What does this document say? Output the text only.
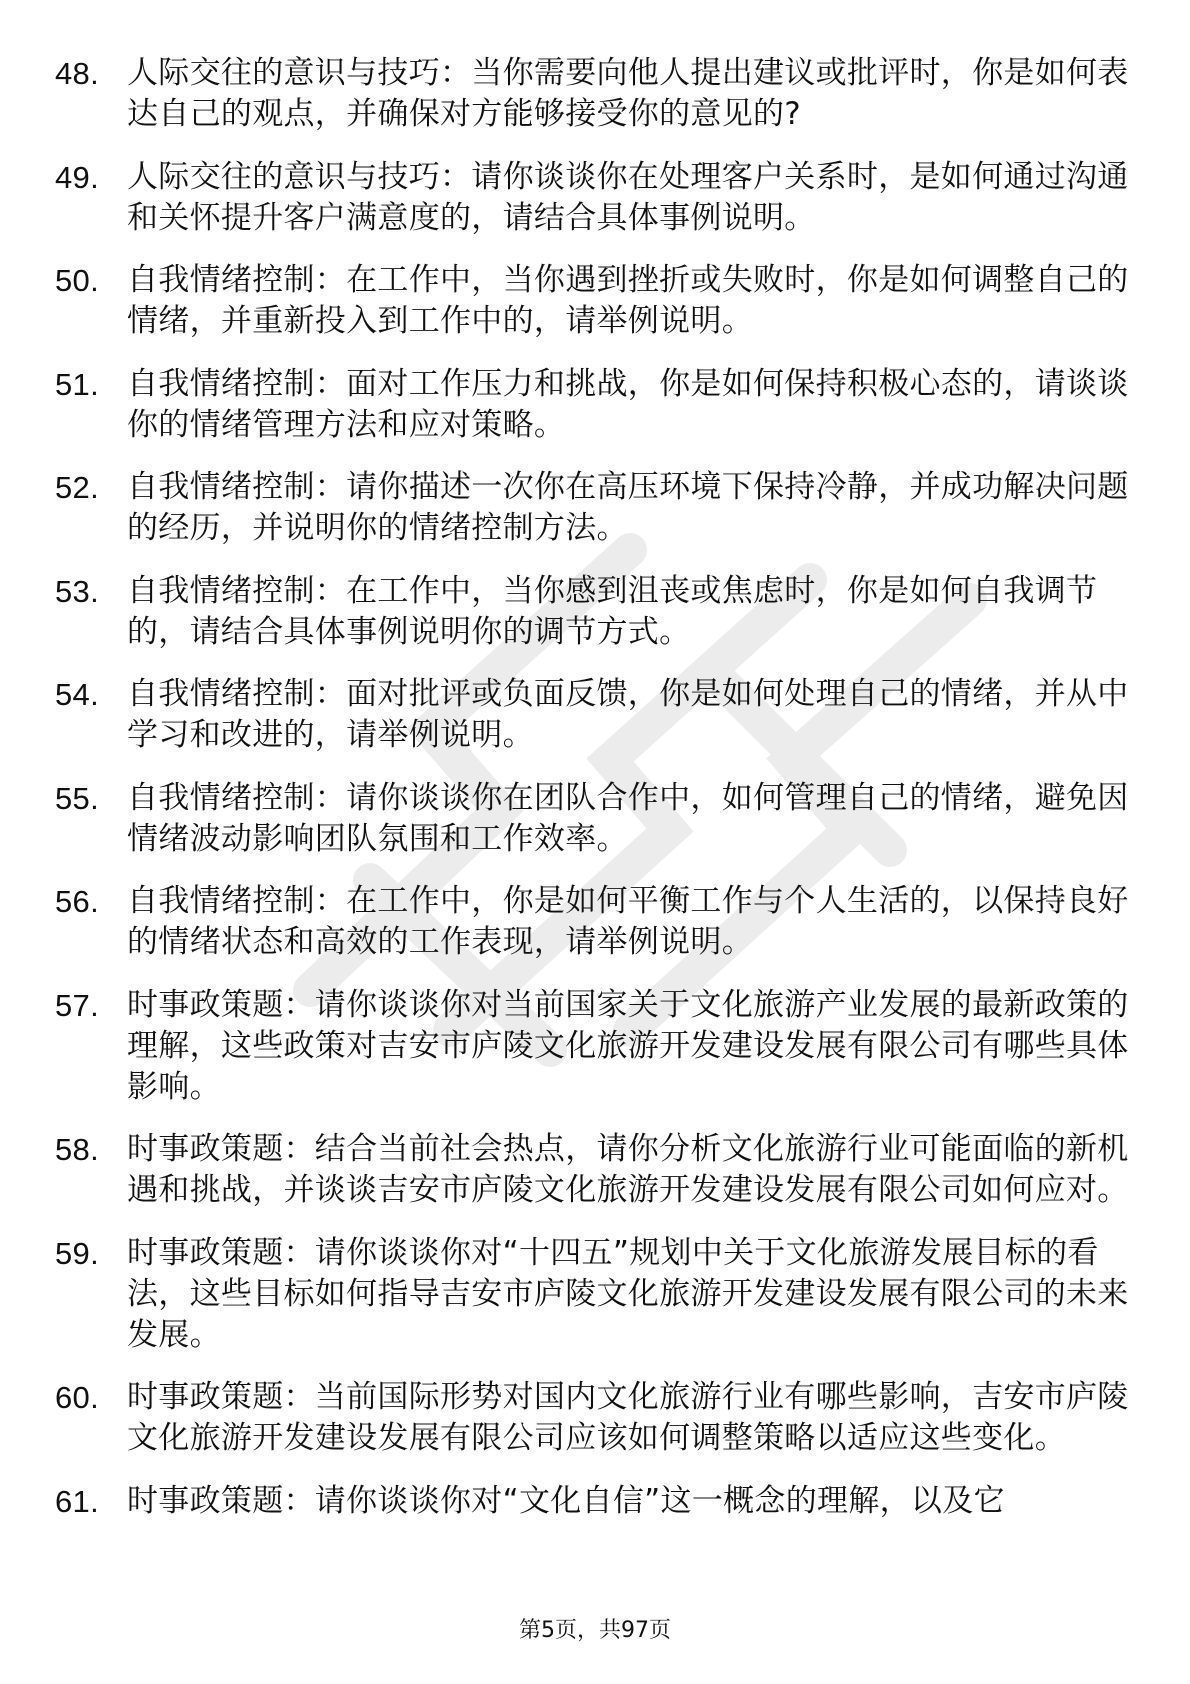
48. 人际交往的意识与技巧：当你需要向他人提出建议或批评时，你是如何表达自己的观点，并确保对方能够接受你的意见的?
49. 人际交往的意识与技巧：请你谈谈你在处理客户关系时，是如何通过沟通和关怀提升客户满意度的，请结合具体事例说明。
50. 自我情绪控制：在工作中，当你遇到挫折或失败时，你是如何调整自己的情绪，并重新投入到工作中的，请举例说明。
51. 自我情绪控制：面对工作压力和挑战，你是如何保持积极心态的，请谈谈你的情绪管理方法和应对策略。
52. 自我情绪控制：请你描述一次你在高压环境下保持冷静，并成功解决问题的经历，并说明你的情绪控制方法。
53. 自我情绪控制：在工作中，当你感到沮丧或焦虑时，你是如何自我调节的，请结合具体事例说明你的调节方式。
54. 自我情绪控制：面对批评或负面反馈，你是如何处理自己的情绪，并从中学习和改进的，请举例说明。
55. 自我情绪控制：请你谈谈你在团队合作中，如何管理自己的情绪，避免因情绪波动影响团队氛围和工作效率。
56. 自我情绪控制：在工作中，你是如何平衡工作与个人生活的，以保持良好的情绪状态和高效的工作表现，请举例说明。
57. 时事政策题：请你谈谈你对当前国家关于文化旅游产业发展的最新政策的理解，这些政策对吉安市庐陵文化旅游开发建设发展有限公司有哪些具体影响。
58. 时事政策题：结合当前社会热点，请你分析文化旅游行业可能面临的新机遇和挑战，并谈谈吉安市庐陵文化旅游开发建设发展有限公司如何应对。
59. 时事政策题：请你谈谈你对“十四五”规划中关于文化旅游发展目标的看法，这些目标如何指导吉安市庐陵文化旅游开发建设发展有限公司的未来发展。
60. 时事政策题：当前国际形势对国内文化旅游行业有哪些影响，吉安市庐陵文化旅游开发建设发展有限公司应该如何调整策略以适应这些变化。
61. 时事政策题：请你谈谈你对“文化自信”这一概念的理解，以及它
第5页，共97页
